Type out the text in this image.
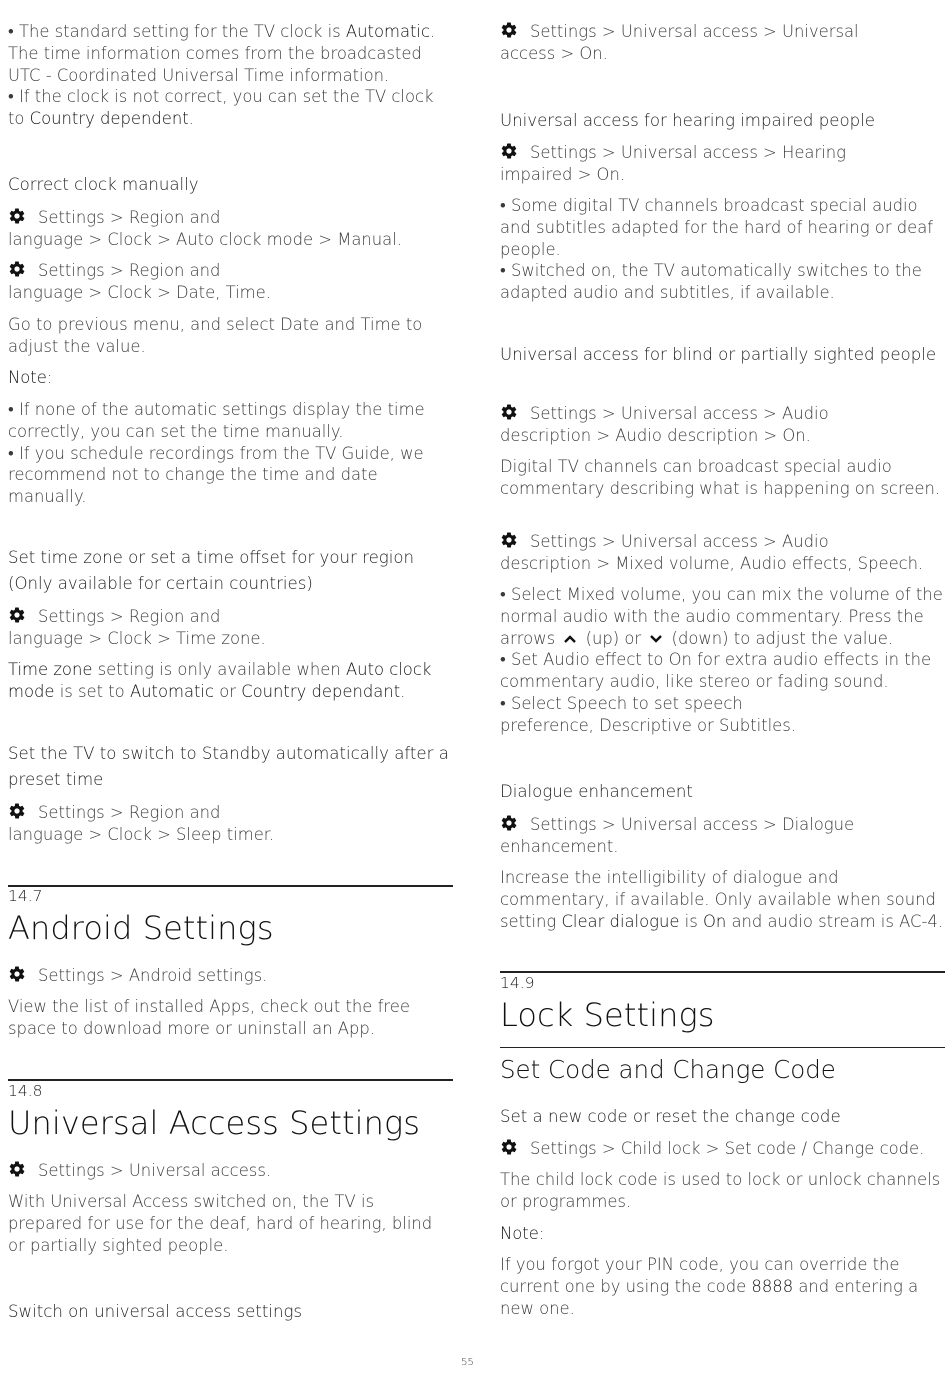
• The standard setting for the TV clock is Automatic. The time information comes from the broadcasted UTC - Coordinated Universal Time information.

• If the clock is not correct, you can set the TV clock to Country dependent.

Correct clock manually

Settings > Region and

language > Clock > Auto clock mode > Manual.

Settings > Region and

language > Clock > Date, Time.

Go to previous menu, and select Date and Time to adjust the value.

Note:

• If none of the automatic settings display the time correctly, you can set the time manually.

• If you schedule recordings from the TV Guide, we recommend not to change the time and date manually.

Set time zone or set a time offset for your region (Only available for certain countries)

Settings > Region and

language > Clock > Time zone.

Time zone setting is only available when Auto clock mode is set to Automatic or Country dependant.

Set the TV to switch to Standby automatically after a preset time

Settings > Region and

language > Clock > Sleep timer.

14.7
Android Settings

Settings > Android settings.

View the list of installed Apps, check out the free space to download more or uninstall an App.

14.8
Universal Access Settings

Settings > Universal access.

With Universal Access switched on, the TV is prepared for use for the deaf, hard of hearing, blind or partially sighted people.

Switch on universal access settings

Settings > Universal access > Universal

access > On.

Universal access for hearing impaired people

Settings > Universal access > Hearing

impaired > On.

• Some digital TV channels broadcast special audio and subtitles adapted for the hard of hearing or deaf people.

• Switched on, the TV automatically switches to the adapted audio and subtitles, if available.

Universal access for blind or partially sighted people

Settings > Universal access > Audio

description > Audio description > On.

Digital TV channels can broadcast special audio commentary describing what is happening on screen.

Settings > Universal access > Audio

description > Mixed volume, Audio effects, Speech.

• Select Mixed volume, you can mix the volume of the normal audio with the audio commentary. Press the arrows  (up) or  (down) to adjust the value.

• Set Audio effect to On for extra audio effects in the commentary audio, like stereo or fading sound.

• Select Speech to set speech

preference, Descriptive or Subtitles.

Dialogue enhancement

Settings > Universal access > Dialogue

enhancement.

Increase the intelligibility of dialogue and commentary, if available. Only available when sound setting Clear dialogue is On and audio stream is AC-4.

14.9
Lock Settings
Set Code and Change Code
Set a new code or reset the change code

Settings > Child lock > Set code / Change code.

The child lock code is used to lock or unlock channels or programmes.

Note:

If you forgot your PIN code, you can override the current one by using the code 8888 and entering a new one.

55
